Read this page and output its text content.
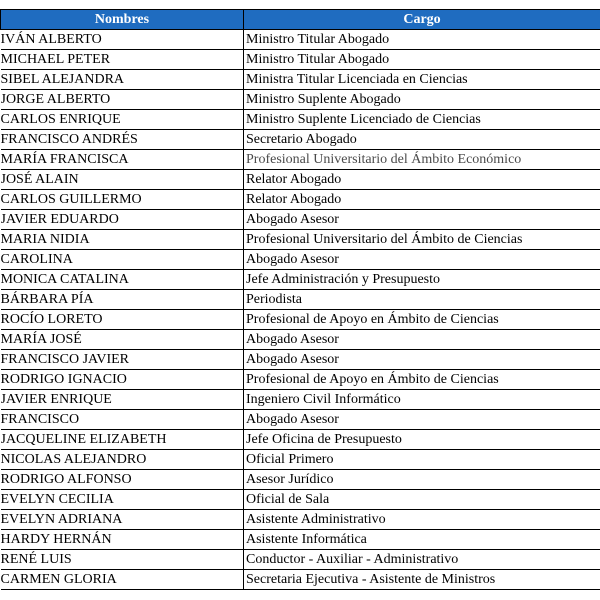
Nombres	Cargo
IVÁN ALBERTO	Ministro Titular Abogado
MICHAEL PETER	Ministro Titular Abogado
SIBEL ALEJANDRA	Ministra Titular Licenciada en Ciencias
JORGE ALBERTO	Ministro Suplente Abogado
CARLOS ENRIQUE	Ministro Suplente Licenciado de Ciencias
FRANCISCO ANDRÉS	Secretario Abogado
MARÍA FRANCISCA	Profesional Universitario del Ámbito Económico
JOSÉ ALAIN	Relator Abogado
CARLOS GUILLERMO	Relator Abogado
JAVIER EDUARDO	Abogado Asesor
MARIA NIDIA	Profesional Universitario del Ámbito de Ciencias
CAROLINA	Abogado Asesor
MONICA CATALINA	Jefe Administración y Presupuesto
BÁRBARA PÍA	Periodista
ROCÍO LORETO	Profesional de Apoyo en Ámbito de Ciencias
MARÍA JOSÉ	Abogado Asesor
FRANCISCO JAVIER	Abogado Asesor
RODRIGO IGNACIO	Profesional de Apoyo en Ámbito de Ciencias
JAVIER ENRIQUE	Ingeniero Civil Informático
FRANCISCO	Abogado Asesor
JACQUELINE ELIZABETH	Jefe Oficina de Presupuesto
NICOLAS ALEJANDRO	Oficial Primero
RODRIGO ALFONSO	Asesor Jurídico
EVELYN CECILIA	Oficial de Sala
EVELYN ADRIANA	Asistente Administrativo
HARDY HERNÁN	Asistente Informática
RENÉ LUIS	Conductor - Auxiliar - Administrativo
CARMEN GLORIA	Secretaria Ejecutiva - Asistente de Ministros
